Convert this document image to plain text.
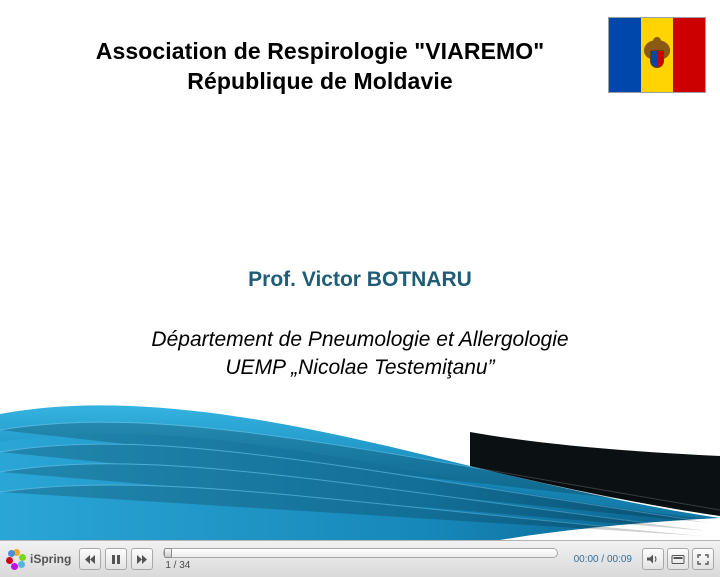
Association de Respirologie "VIAREMO"
République de Moldavie
Prof. Victor BOTNARU
Département de Pneumologie et Allergologie
UEMP „Nicolae Testemiţanu”
iSpring	1 / 34
00:00 / 00:09
